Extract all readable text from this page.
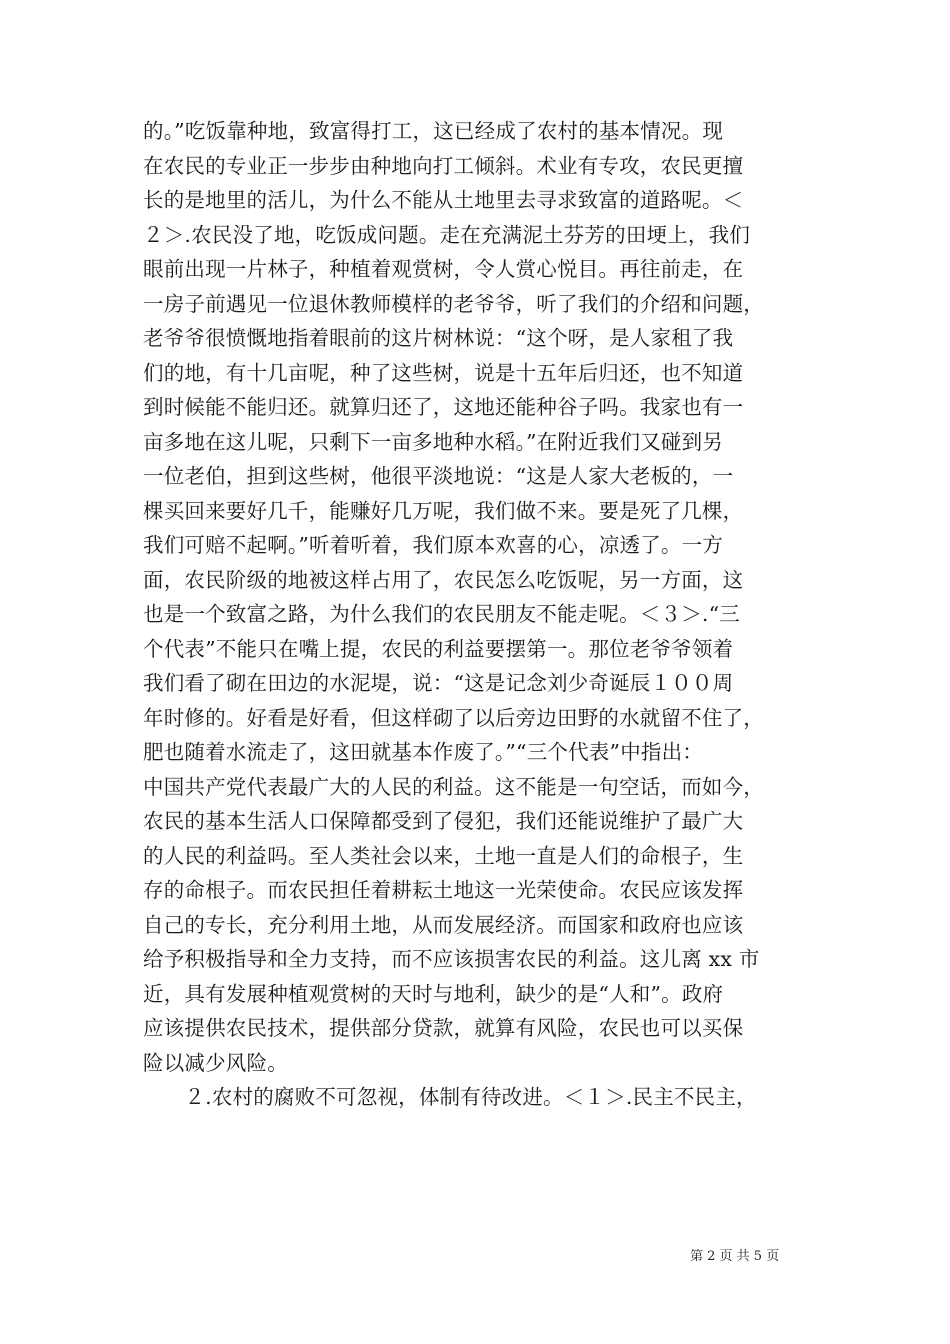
的。”吃饭靠种地，致富得打工，这已经成了农村的基本情况。现
在农民的专业正一步步由种地向打工倾斜。术业有专攻，农民更擅
长的是地里的活儿，为什么不能从土地里去寻求致富的道路呢。＜
２＞.农民没了地，吃饭成问题。走在充满泥土芬芳的田埂上，我们
眼前出现一片林子，种植着观赏树，令人赏心悦目。再往前走，在
一房子前遇见一位退休教师模样的老爷爷，听了我们的介绍和问题，
老爷爷很愤慨地指着眼前的这片树林说：“这个呀，是人家租了我
们的地，有十几亩呢，种了这些树，说是十五年后归还，也不知道
到时候能不能归还。就算归还了，这地还能种谷子吗。我家也有一
亩多地在这儿呢，只剩下一亩多地种水稻。”在附近我们又碰到另
一位老伯，担到这些树，他很平淡地说：“这是人家大老板的，一
棵买回来要好几千，能赚好几万呢，我们做不来。要是死了几棵，
我们可赔不起啊。”听着听着，我们原本欢喜的心，凉透了。一方
面，农民阶级的地被这样占用了，农民怎么吃饭呢，另一方面，这
也是一个致富之路，为什么我们的农民朋友不能走呢。＜３＞.“三
个代表”不能只在嘴上提，农民的利益要摆第一。那位老爷爷领着
我们看了砌在田边的水泥堤，说：“这是记念刘少奇诞辰１００周
年时修的。好看是好看，但这样砌了以后旁边田野的水就留不住了，
肥也随着水流走了，这田就基本作废了。”“三个代表”中指出：
中国共产党代表最广大的人民的利益。这不能是一句空话，而如今，
农民的基本生活人口保障都受到了侵犯，我们还能说维护了最广大
的人民的利益吗。至人类社会以来，土地一直是人们的命根子，生
存的命根子。而农民担任着耕耘土地这一光荣使命。农民应该发挥
自己的专长，充分利用土地，从而发展经济。而国家和政府也应该
给予积极指导和全力支持，而不应该损害农民的利益。这儿离 xx 市
近，具有发展种植观赏树的天时与地利，缺少的是“人和”。政府
应该提供农民技术，提供部分贷款，就算有风险，农民也可以买保
险以减少风险。
　　２.农村的腐败不可忽视，体制有待改进。＜１＞.民主不民主，
第 2 页 共 5 页
